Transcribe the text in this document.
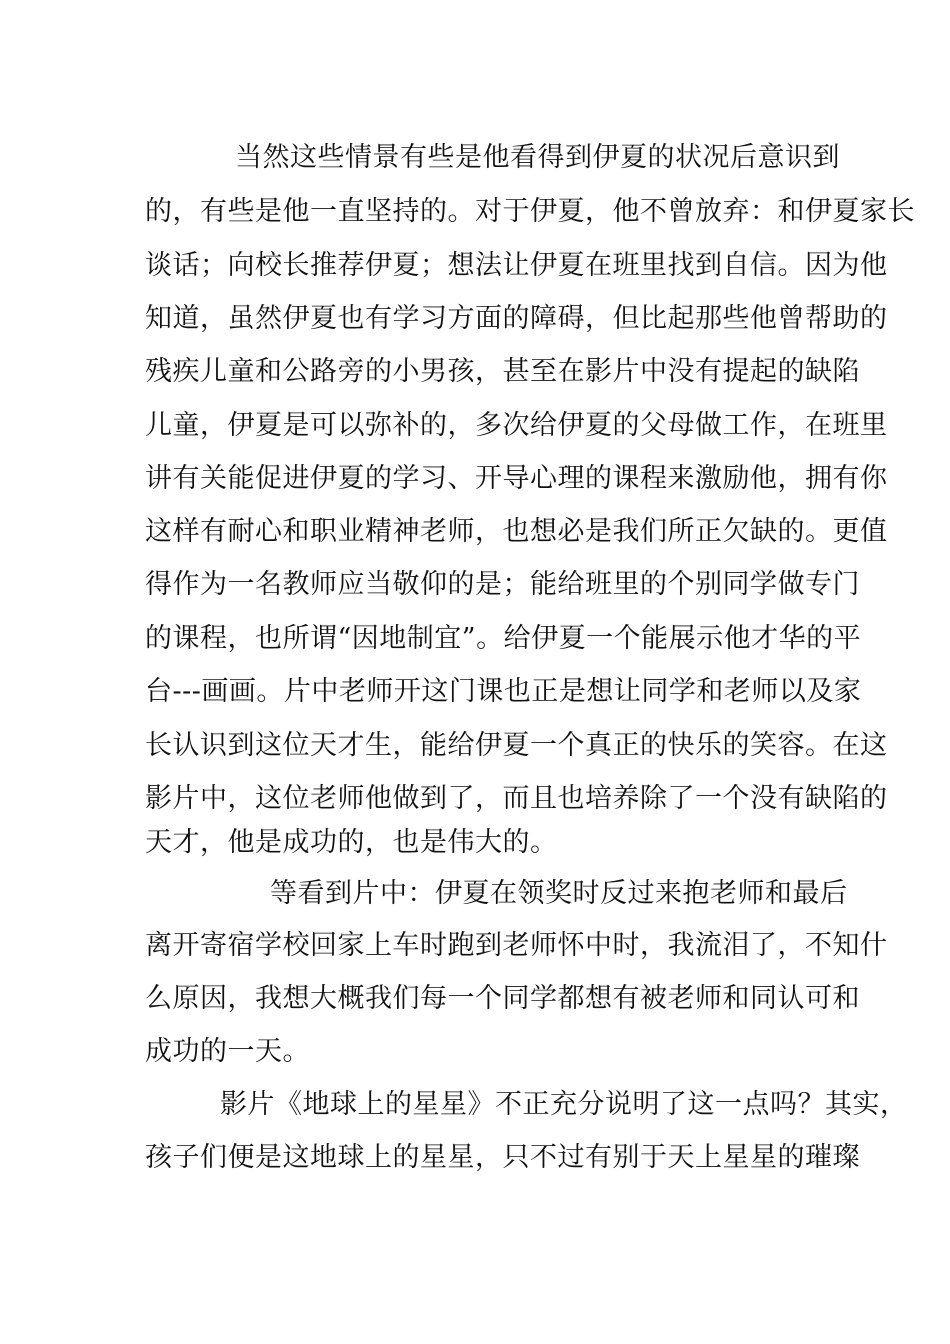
当然这些情景有些是他看得到伊夏的状况后意识到
的，有些是他一直坚持的。对于伊夏，他不曾放弃：和伊夏家长
谈话；向校长推荐伊夏；想法让伊夏在班里找到自信。因为他
知道，虽然伊夏也有学习方面的障碍，但比起那些他曾帮助的
残疾儿童和公路旁的小男孩，甚至在影片中没有提起的缺陷
儿童，伊夏是可以弥补的，多次给伊夏的父母做工作，在班里
讲有关能促进伊夏的学习、开导心理的课程来激励他，拥有你
这样有耐心和职业精神老师，也想必是我们所正欠缺的。更值
得作为一名教师应当敬仰的是；能给班里的个别同学做专门
的课程，也所谓“因地制宜”。给伊夏一个能展示他才华的平
台---画画。片中老师开这门课也正是想让同学和老师以及家
长认识到这位天才生，能给伊夏一个真正的快乐的笑容。在这
影片中，这位老师他做到了，而且也培养除了一个没有缺陷的
天才，他是成功的，也是伟大的。
等看到片中：伊夏在领奖时反过来抱老师和最后
离开寄宿学校回家上车时跑到老师怀中时，我流泪了，不知什
么原因，我想大概我们每一个同学都想有被老师和同认可和
成功的一天。
影片《地球上的星星》不正充分说明了这一点吗？其实，
孩子们便是这地球上的星星，只不过有别于天上星星的璀璨
